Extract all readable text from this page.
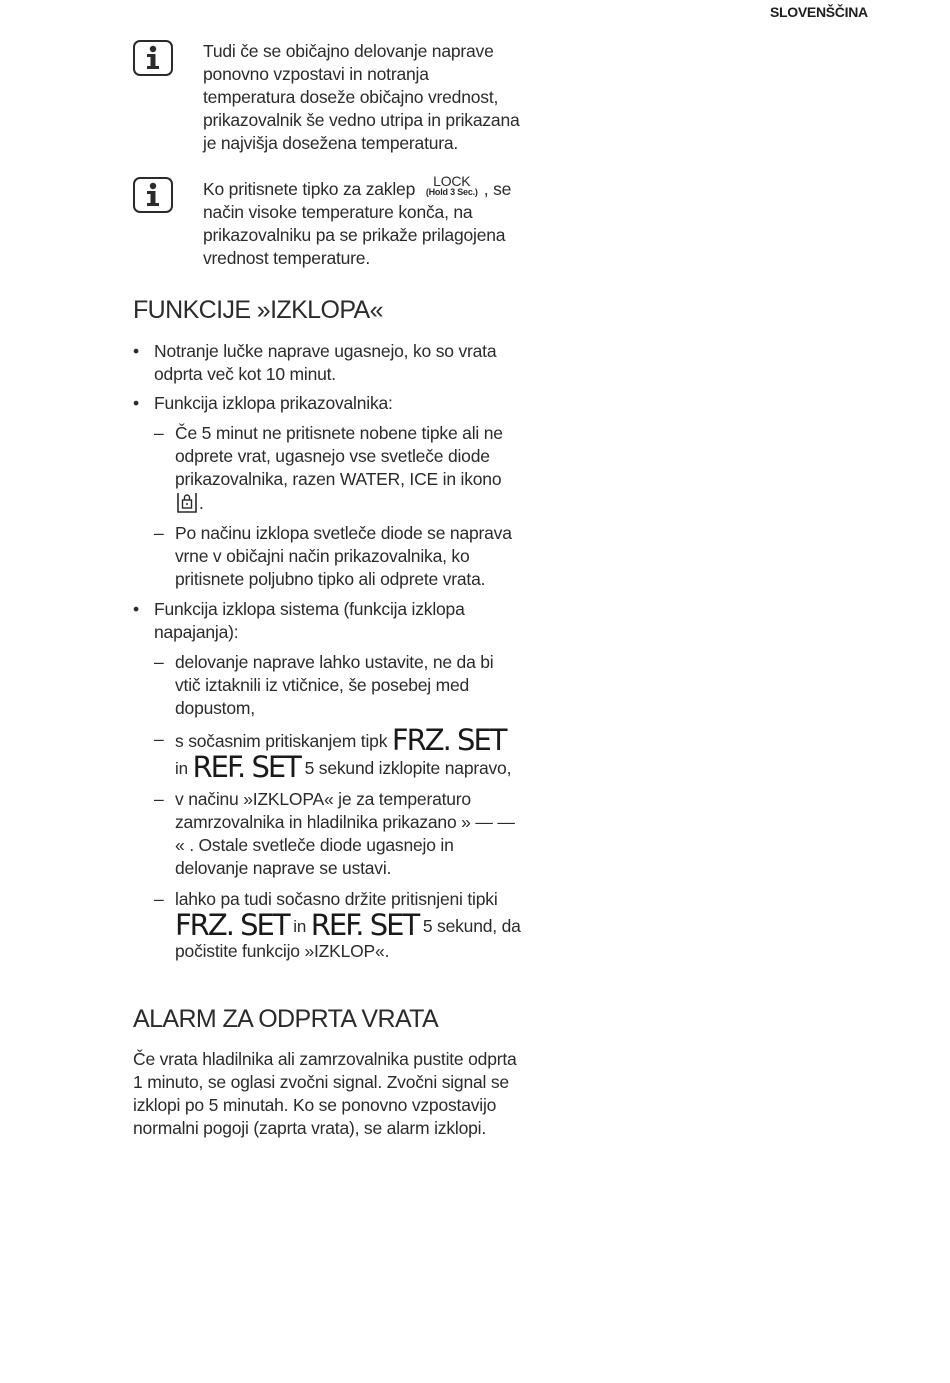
SLOVENŠČINA

Tudi če se običajno delovanje naprave ponovno vzpostavi in notranja temperatura doseže običajno vrednost, prikazovalnik še vedno utripa in prikazana je najvišja dosežena temperatura.

Ko pritisnete tipko za zaklep	LOCK
(Hold 3 Sec.) , se način visoke temperature konča, na prikazovalniku pa se prikaže prilagojena vrednost temperature.

FUNKCIJE »IZKLOPA«
• Notranje lučke naprave ugasnejo, ko so vrata odprta več kot 10 minut.
• Funkcija izklopa prikazovalnika:
– Če 5 minut ne pritisnete nobene tipke ali ne odprete vrat, ugasnejo vse svetleče diode prikazovalnika, razen WATER, ICE in ikono .
– Po načinu izklopa svetleče diode se naprava vrne v običajni način prikazovalnika, ko pritisnete poljubno tipko ali odprete vrata.
• Funkcija izklopa sistema (funkcija izklopa napajanja):
– delovanje naprave lahko ustavite, ne da bi vtič iztaknili iz vtičnice, še posebej med dopustom,
– s sočasnim pritiskanjem tipk FRZ. SET
in REF. SET 5 sekund izklopite napravo,
– v načinu »IZKLOPA« je za temperaturo zamrzovalnika in hladilnika prikazano » — — « . Ostale svetleče diode ugasnejo in delovanje naprave se ustavi.
– lahko pa tudi sočasno držite pritisnjeni tipki
FRZ. SET in REF. SET 5 sekund, da počistite funkcijo »IZKLOP«.
ALARM ZA ODPRTA VRATA

Če vrata hladilnika ali zamrzovalnika pustite odprta 1 minuto, se oglasi zvočni signal. Zvočni signal se izklopi po 5 minutah. Ko se ponovno vzpostavijo normalni pogoji (zaprta vrata), se alarm izklopi.
